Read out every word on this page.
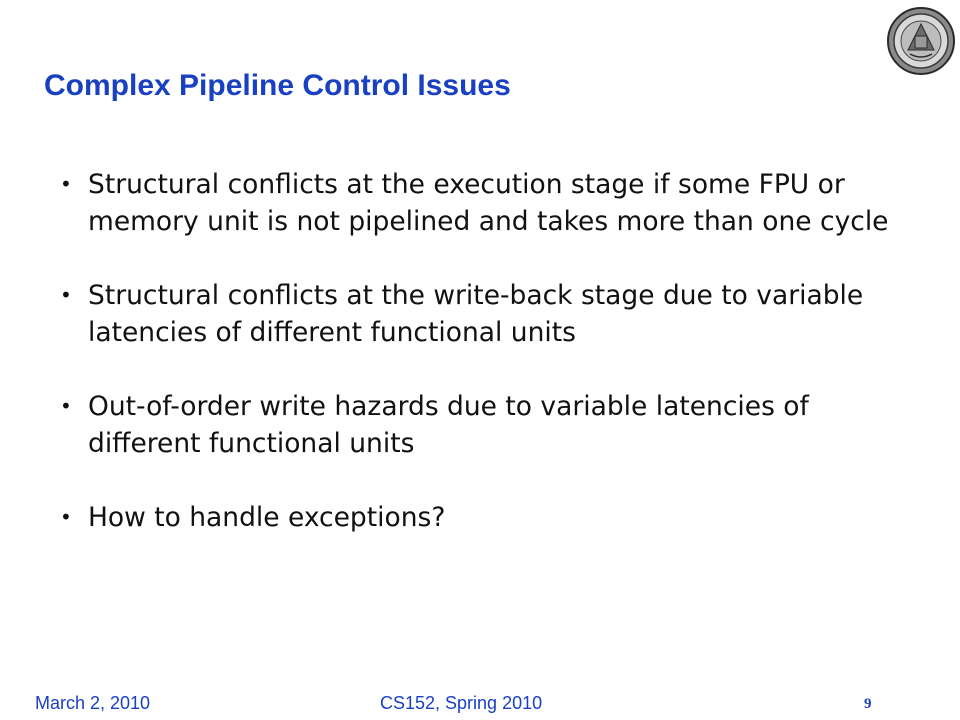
Complex Pipeline Control Issues
• Structural conflicts at the execution stage if some FPU or memory unit is not pipelined and takes more than one cycle
• Structural conflicts at the write-back stage due to variable latencies of different functional units
• Out-of-order write hazards due to variable latencies of different functional units
• How to handle exceptions?
March 2, 2010	CS152, Spring 2010	9
